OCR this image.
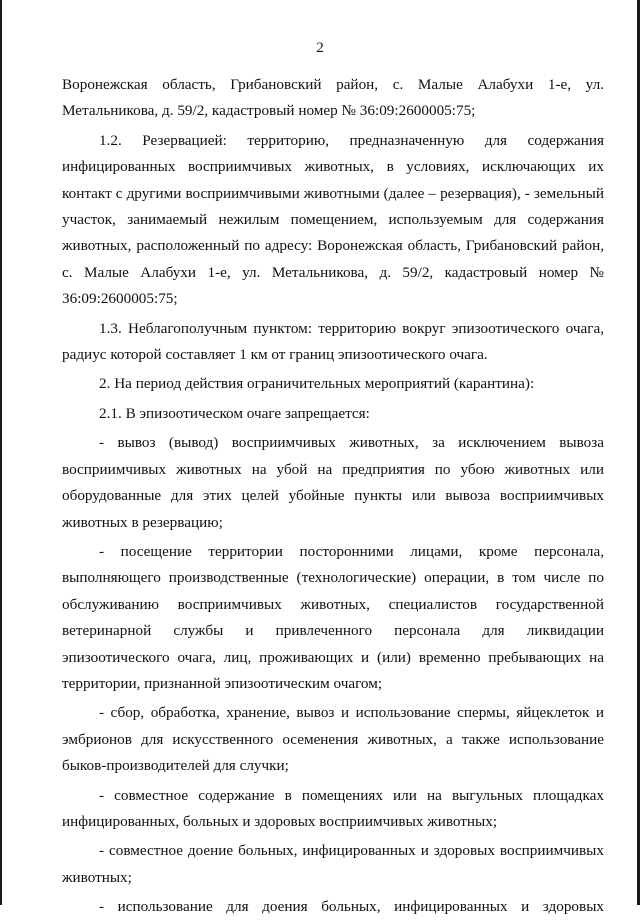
2

Воронежская область, Грибановский район, с. Малые Алабухи 1-е, ул. Метальникова, д. 59/2, кадастровый номер № 36:09:2600005:75;

1.2. Резервацией: территорию, предназначенную для содержания инфицированных восприимчивых животных, в условиях, исключающих их контакт с другими восприимчивыми животными (далее – резервация), - земельный участок, занимаемый нежилым помещением, используемым для содержания животных, расположенный по адресу: Воронежская область, Грибановский район, с. Малые Алабухи 1-е, ул. Метальникова, д. 59/2, кадастровый номер № 36:09:2600005:75;

1.3. Неблагополучным пунктом: территорию вокруг эпизоотического очага, радиус которой составляет 1 км от границ эпизоотического очага.

2. На период действия ограничительных мероприятий (карантина):

2.1. В эпизоотическом очаге запрещается:

- вывоз (вывод) восприимчивых животных, за исключением вывоза восприимчивых животных на убой на предприятия по убою животных или оборудованные для этих целей убойные пункты или вывоза восприимчивых животных в резервацию;

- посещение территории посторонними лицами, кроме персонала, выполняющего производственные (технологические) операции, в том числе по обслуживанию восприимчивых животных, специалистов государственной ветеринарной службы и привлеченного персонала для ликвидации эпизоотического очага, лиц, проживающих и (или) временно пребывающих на территории, признанной эпизоотическим очагом;

- сбор, обработка, хранение, вывоз и использование спермы, яйцеклеток и эмбрионов для искусственного осеменения животных, а также использование быков-производителей для случки;

- совместное содержание в помещениях или на выгульных площадках инфицированных, больных и здоровых восприимчивых животных;

- совместное доение больных, инфицированных и здоровых восприимчивых животных;

- использование для доения больных, инфицированных и здоровых
